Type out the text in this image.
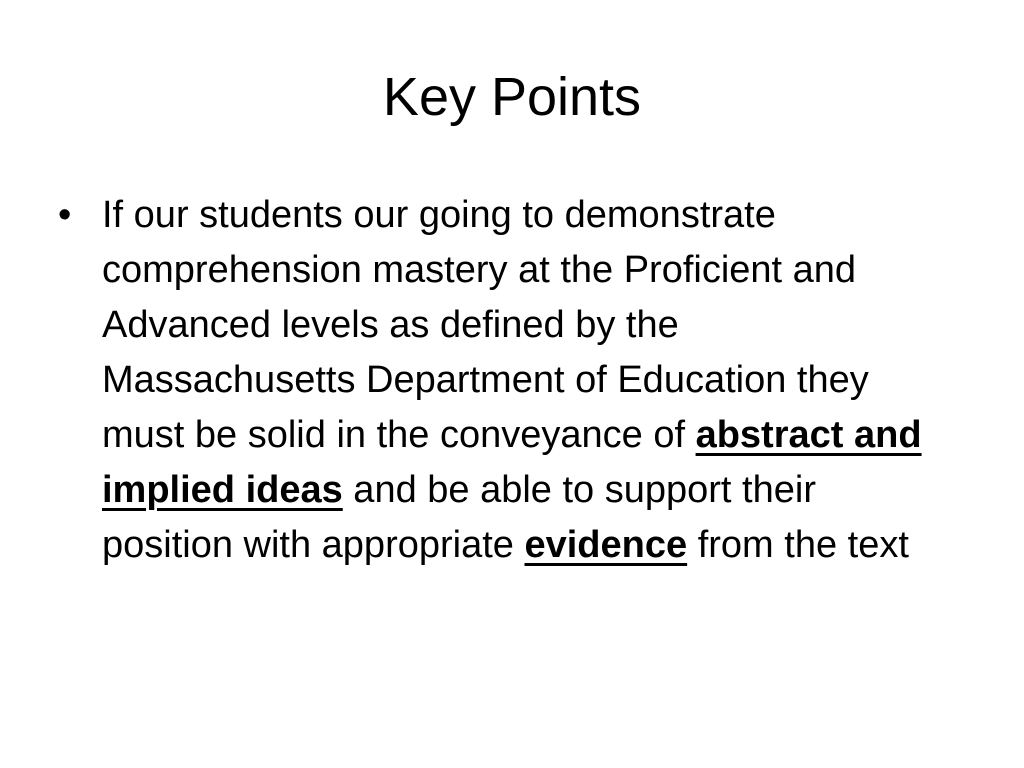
Key Points
• If our students our going to demonstrate comprehension mastery at the Proficient and Advanced levels as defined by the Massachusetts Department of Education they must be solid in the conveyance of abstract and implied ideas and be able to support their position with appropriate evidence from the text
